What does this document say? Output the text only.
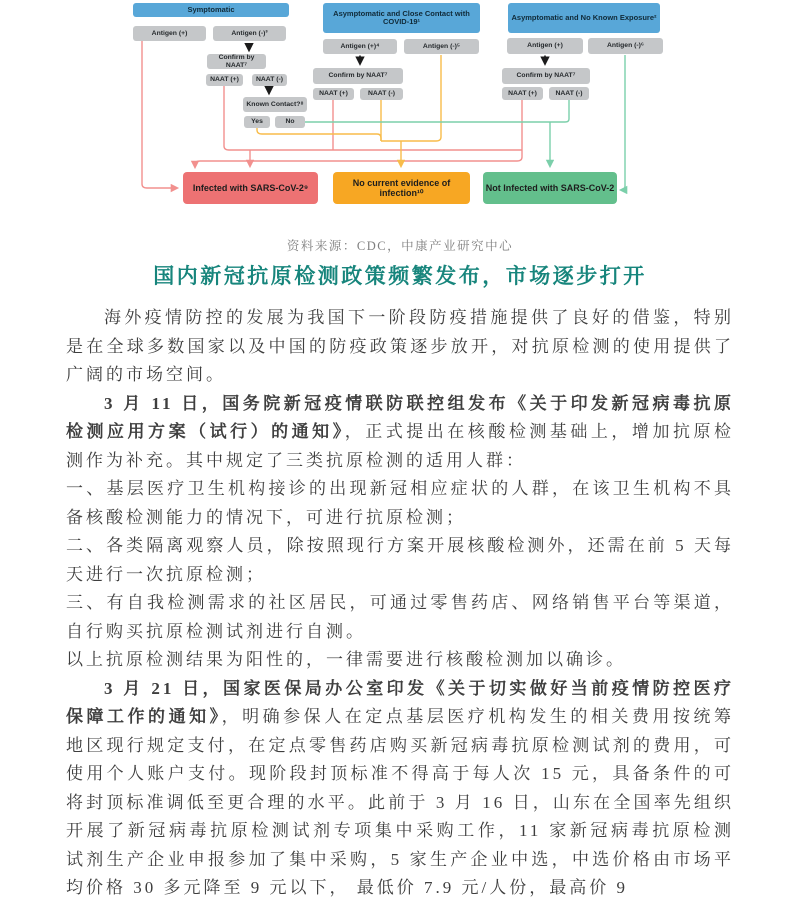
Symptomatic
Antigen (+)	Antigen (-)³
Confirm by NAAT⁷
NAAT (+)	NAAT (-)
Known Contact?⁸
Yes	No
Asymptomatic and Close Contact with COVID-19¹
Antigen (+)⁴	Antigen (-)⁵
Confirm by NAAT⁷
NAAT (+)	NAAT (-)
Asymptomatic and No Known Exposure²
Antigen (+)	Antigen (-)⁶
Confirm by NAAT⁷
NAAT (+)	NAAT (-)
Infected with SARS-CoV-2⁹
No current evidence of infection¹⁰
Not Infected with SARS-CoV-2

资料来源：CDC，中康产业研究中心

国内新冠抗原检测政策频繁发布，市场逐步打开

海外疫情防控的发展为我国下一阶段防疫措施提供了良好的借鉴，特别是在全球多数国家以及中国的防疫政策逐步放开，对抗原检测的使用提供了广阔的市场空间。

3 月 11 日，国务院新冠疫情联防联控组发布《关于印发新冠病毒抗原检测应用方案（试行）的通知》，正式提出在核酸检测基础上，增加抗原检测作为补充。其中规定了三类抗原检测的适用人群：

一、基层医疗卫生机构接诊的出现新冠相应症状的人群，在该卫生机构不具备核酸检测能力的情况下，可进行抗原检测；

二、各类隔离观察人员，除按照现行方案开展核酸检测外，还需在前 5 天每天进行一次抗原检测；

三、有自我检测需求的社区居民，可通过零售药店、网络销售平台等渠道，自行购买抗原检测试剂进行自测。

以上抗原检测结果为阳性的，一律需要进行核酸检测加以确诊。

3 月 21 日，国家医保局办公室印发《关于切实做好当前疫情防控医疗保障工作的通知》，明确参保人在定点基层医疗机构发生的相关费用按统筹地区现行规定支付，在定点零售药店购买新冠病毒抗原检测试剂的费用，可使用个人账户支付。现阶段封顶标准不得高于每人次 15 元，具备条件的可将封顶标准调低至更合理的水平。此前于 3 月 16 日，山东在全国率先组织开展了新冠病毒抗原检测试剂专项集中采购工作，11 家新冠病毒抗原检测试剂生产企业申报参加了集中采购，5 家生产企业中选，中选价格由市场平均价格 30 多元降至 9 元以下， 最低价 7.9 元/人份，最高价 9
